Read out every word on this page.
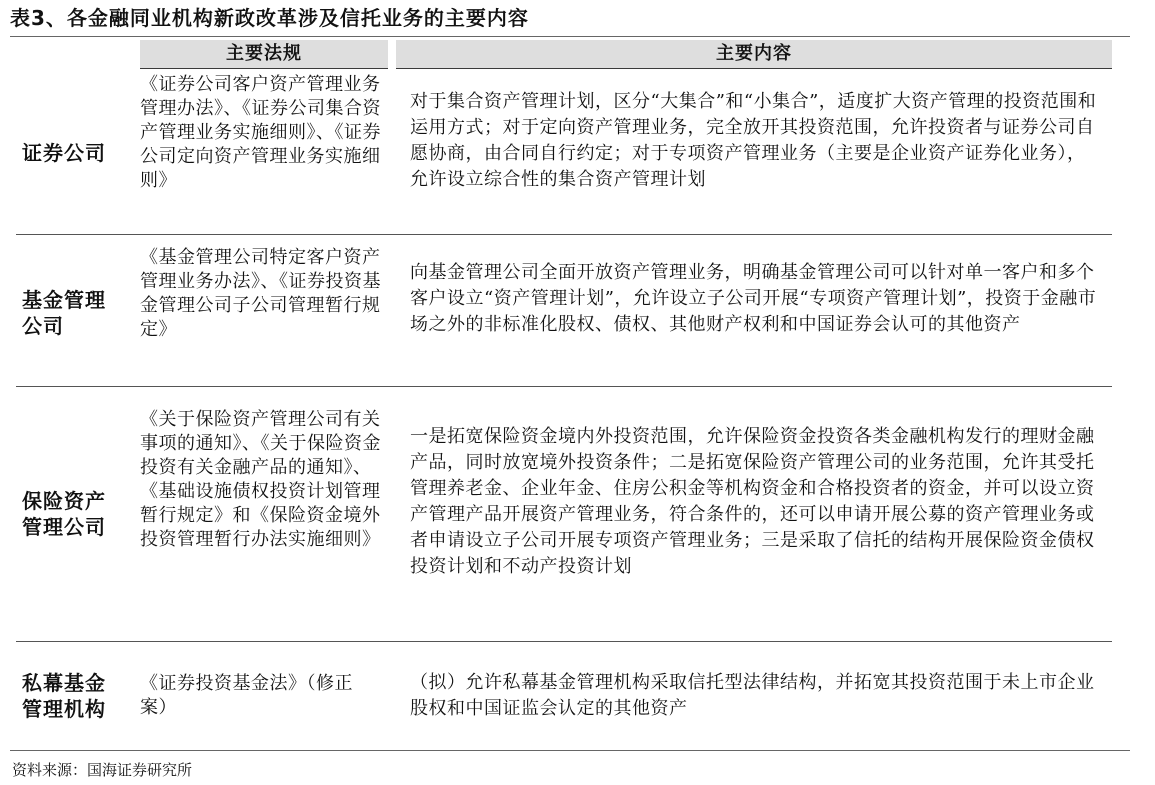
表3、各金融同业机构新政改革涉及信托业务的主要内容
主要法规	主要内容
证券公司
《证券公司客户资产管理业务管理办法》、《证券公司集合资产管理业务实施细则》、《证券公司定向资产管理业务实施细则》
对于集合资产管理计划，区分“大集合”和“小集合”，适度扩大资产管理的投资范围和运用方式；对于定向资产管理业务，完全放开其投资范围，允许投资者与证券公司自愿协商，由合同自行约定；对于专项资产管理业务（主要是企业资产证券化业务），允许设立综合性的集合资产管理计划
基金管理公司
《基金管理公司特定客户资产管理业务办法》、《证券投资基金管理公司子公司管理暂行规定》
向基金管理公司全面开放资产管理业务，明确基金管理公司可以针对单一客户和多个客户设立“资产管理计划”，允许设立子公司开展“专项资产管理计划”，投资于金融市场之外的非标准化股权、债权、其他财产权利和中国证券会认可的其他资产
保险资产管理公司
《关于保险资产管理公司有关事项的通知》、《关于保险资金投资有关金融产品的通知》、《基础设施债权投资计划管理暂行规定》和《保险资金境外投资管理暂行办法实施细则》
一是拓宽保险资金境内外投资范围，允许保险资金投资各类金融机构发行的理财金融产品，同时放宽境外投资条件；二是拓宽保险资产管理公司的业务范围，允许其受托管理养老金、企业年金、住房公积金等机构资金和合格投资者的资金，并可以设立资产管理产品开展资产管理业务，符合条件的，还可以申请开展公募的资产管理业务或者申请设立子公司开展专项资产管理业务；三是采取了信托的结构开展保险资金债权投资计划和不动产投资计划
私幕基金管理机构
《证券投资基金法》（修正案）
（拟）允许私幕基金管理机构采取信托型法律结构，并拓宽其投资范围于未上市企业股权和中国证监会认定的其他资产
资料来源：国海证券研究所
